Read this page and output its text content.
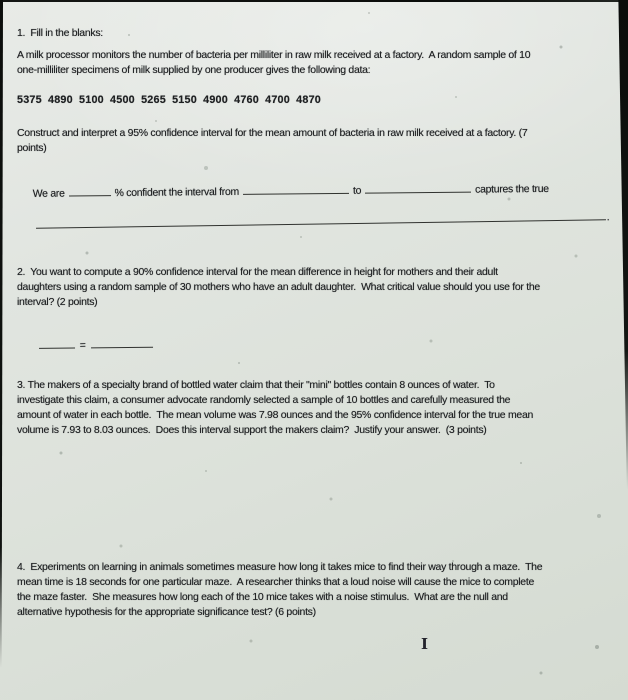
1.  Fill in the blanks:
A milk processor monitors the number of bacteria per milliliter in raw milk received at a factory.  A random sample of 10
one-milliliter specimens of milk supplied by one producer gives the following data:
5375 4890 5100 4500 5265 5150 4900 4760 4700 4870
Construct and interpret a 95% confidence interval for the mean amount of bacteria in raw milk received at a factory. (7
points)

We are	% confident the interval from	to	captures the true

.

2.  You want to compute a 90% confidence interval for the mean difference in height for mothers and their adult
daughters using a random sample of 30 mothers who have an adult daughter.  What critical value should you use for the
interval? (2 points)

=

3. The makers of a specialty brand of bottled water claim that their "mini" bottles contain 8 ounces of water.  To
investigate this claim, a consumer advocate randomly selected a sample of 10 bottles and carefully measured the
amount of water in each bottle.  The mean volume was 7.98 ounces and the 95% confidence interval for the true mean
volume is 7.93 to 8.03 ounces.  Does this interval support the makers claim?  Justify your answer.  (3 points)
4.  Experiments on learning in animals sometimes measure how long it takes mice to find their way through a maze.  The
mean time is 18 seconds for one particular maze.  A researcher thinks that a loud noise will cause the mice to complete
the maze faster.  She measures how long each of the 10 mice takes with a noise stimulus.  What are the null and
alternative hypothesis for the appropriate significance test? (6 points)
I
